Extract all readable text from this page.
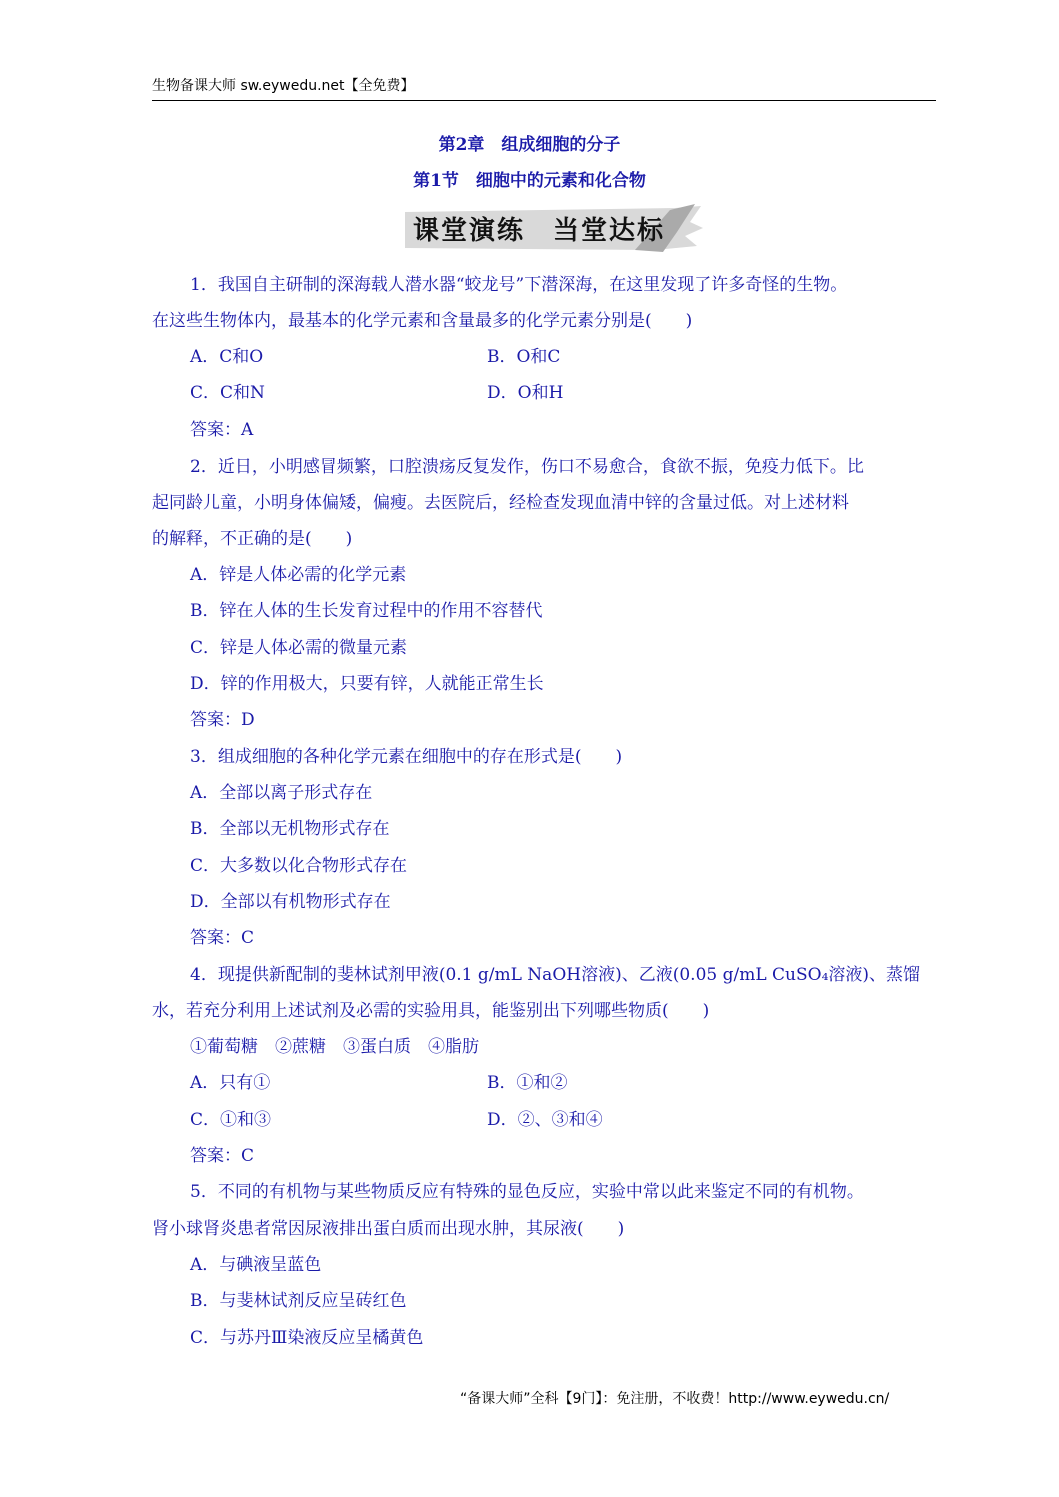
生物备课大师 sw.eywedu.net【全免费】
第2章　组成细胞的分子
第1节　细胞中的元素和化合物
课堂演练　当堂达标
1．我国自主研制的深海载人潜水器“蛟龙号”下潜深海，在这里发现了许多奇怪的生物。
在这些生物体内，最基本的化学元素和含量最多的化学元素分别是(　　)
A．C和O	B．O和C
C．C和N	D．O和H
答案：A
2．近日，小明感冒频繁，口腔溃疡反复发作，伤口不易愈合，食欲不振，免疫力低下。比
起同龄儿童，小明身体偏矮，偏瘦。去医院后，经检查发现血清中锌的含量过低。对上述材料
的解释，不正确的是(　　)
A．锌是人体必需的化学元素
B．锌在人体的生长发育过程中的作用不容替代
C．锌是人体必需的微量元素
D．锌的作用极大，只要有锌，人就能正常生长
答案：D
3．组成细胞的各种化学元素在细胞中的存在形式是(　　)
A．全部以离子形式存在
B．全部以无机物形式存在
C．大多数以化合物形式存在
D．全部以有机物形式存在
答案：C
4．现提供新配制的斐林试剂甲液(0.1 g/mL NaOH溶液)、乙液(0.05 g/mL CuSO₄溶液)、蒸馏
水，若充分利用上述试剂及必需的实验用具，能鉴别出下列哪些物质(　　)
①葡萄糖　②蔗糖　③蛋白质　④脂肪
A．只有①	B．①和②
C．①和③	D．②、③和④
答案：C
5．不同的有机物与某些物质反应有特殊的显色反应，实验中常以此来鉴定不同的有机物。
肾小球肾炎患者常因尿液排出蛋白质而出现水肿，其尿液(　　)
A．与碘液呈蓝色
B．与斐林试剂反应呈砖红色
C．与苏丹Ⅲ染液反应呈橘黄色
“备课大师”全科【9门】：免注册，不收费！http://www.eywedu.cn/
